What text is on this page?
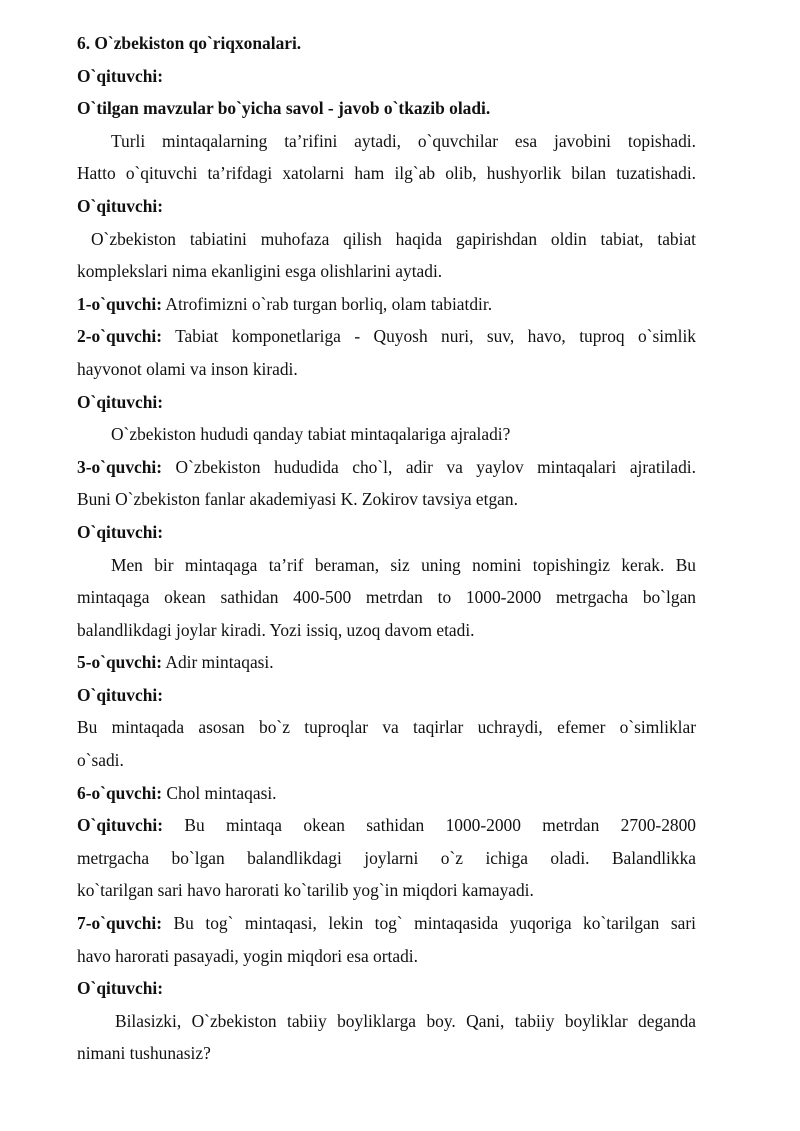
6. O`zbekiston qo`riqxonalari.
O`qituvchi:
O`tilgan mavzular bo`yicha savol - javob o`tkazib oladi.
Turli mintaqalarning ta’rifini aytadi, o`quvchilar esa javobini topishadi.
Hatto o`qituvchi ta’rifdagi xatolarni ham ilg`ab olib, hushyorlik bilan tuzatishadi.
O`qituvchi:
O`zbekiston tabiatini muhofaza qilish haqida gapirishdan oldin tabiat, tabiat
komplekslari nima ekanligini esga olishlarini aytadi.
1-o`quvchi: Atrofimizni o`rab turgan borliq, olam tabiatdir.
2-o`quvchi: Tabiat komponetlariga - Quyosh nuri, suv, havo, tuproq o`simlik
hayvonot olami va inson kiradi.
O`qituvchi:
O`zbekiston hududi qanday tabiat mintaqalariga ajraladi?
3-o`quvchi: O`zbekiston hududida cho`l, adir va yaylov mintaqalari ajratiladi.
Buni O`zbekiston fanlar akademiyasi K. Zokirov tavsiya etgan.
O`qituvchi:
Men bir mintaqaga ta’rif beraman, siz uning nomini topishingiz kerak. Bu
mintaqaga okean sathidan 400-500 metrdan to 1000-2000 metrgacha bo`lgan
balandlikdagi joylar kiradi. Yozi issiq, uzoq davom etadi.
5-o`quvchi: Adir mintaqasi.
O`qituvchi:
Bu mintaqada asosan bo`z tuproqlar va taqirlar uchraydi, efemer o`simliklar
o`sadi.
6-o`quvchi: Chol mintaqasi.
O`qituvchi: Bu mintaqa okean sathidan 1000-2000 metrdan 2700-2800
metrgacha bo`lgan balandlikdagi joylarni o`z ichiga oladi. Balandlikka
ko`tarilgan sari havo harorati ko`tarilib yog`in miqdori kamayadi.
7-o`quvchi: Bu tog` mintaqasi, lekin tog` mintaqasida yuqoriga ko`tarilgan sari
havo harorati pasayadi, yogin miqdori esa ortadi.
O`qituvchi:
Bilasizki, O`zbekiston tabiiy boyliklarga boy. Qani, tabiiy boyliklar deganda
nimani tushunasiz?
